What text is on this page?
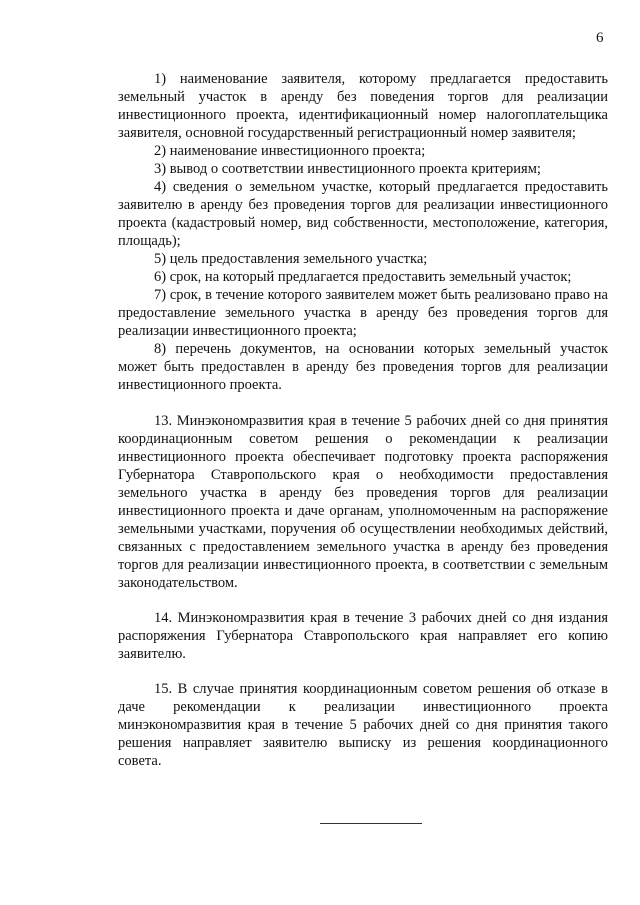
6

1) наименование заявителя, которому предлагается предоставить земельный участок в аренду без поведения торгов для реализации инвестиционного проекта, идентификационный номер налогоплательщика заявителя, основной государственный регистрационный номер заявителя;

2) наименование инвестиционного проекта;

3) вывод о соответствии инвестиционного проекта критериям;

4) сведения о земельном участке, который предлагается предоставить заявителю в аренду без проведения торгов для реализации инвестиционного проекта (кадастровый номер, вид собственности, местоположение, категория, площадь);

5) цель предоставления земельного участка;

6) срок, на который предлагается предоставить земельный участок;

7) срок, в течение которого заявителем может быть реализовано право на предоставление земельного участка в аренду без проведения торгов для реализации инвестиционного проекта;

8) перечень документов, на основании которых земельный участок может быть предоставлен в аренду без проведения торгов для реализации инвестиционного проекта.

13. Минэкономразвития края в течение 5 рабочих дней со дня принятия координационным советом решения о рекомендации к реализации инвестиционного проекта обеспечивает подготовку проекта распоряжения Губернатора Ставропольского края о необходимости предоставления земельного участка в аренду без проведения торгов для реализации инвестиционного проекта и даче органам, уполномоченным на распоряжение земельными участками, поручения об осуществлении необходимых действий, связанных с предоставлением земельного участка в аренду без проведения торгов для реализации инвестиционного проекта, в соответствии с земельным законодательством.

14. Минэкономразвития края в течение 3 рабочих дней со дня издания распоряжения Губернатора Ставропольского края направляет его копию заявителю.

15. В случае принятия координационным советом решения об отказе в даче рекомендации к реализации инвестиционного проекта минэкономразвития края в течение 5 рабочих дней со дня принятия такого решения направляет заявителю выписку из решения координационного совета.
